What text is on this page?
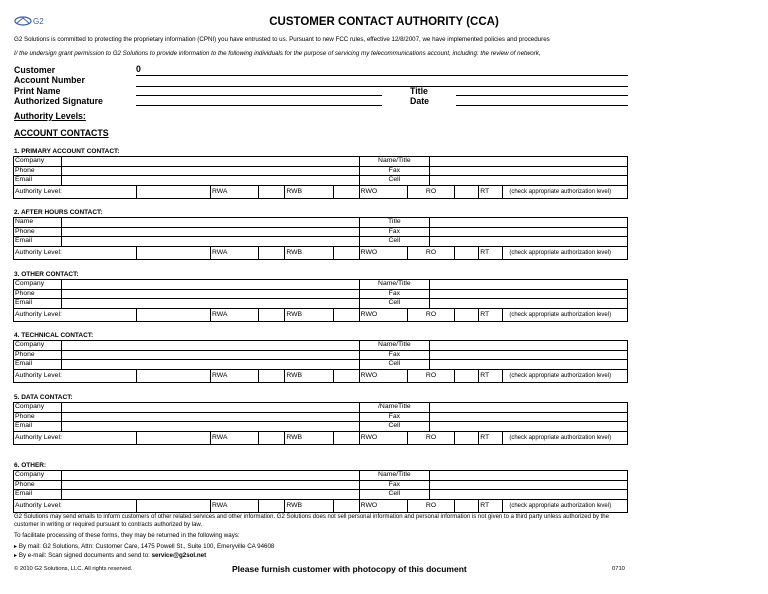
G2	CUSTOMER CONTACT AUTHORITY (CCA)
G2 Solutions is committed to protecting the proprietary information (CPNI) you have entrusted to us. Pursuant to new FCC rules, effective 12/8/2007, we have implemented policies and procedures
I/ the undersign grant permission to G2 Solutions to provide information to the following individuals for the purpose of servicing my telecommunications account, including: the review of network,
Customer	0
Account Number
Print Name	Title
Authorized Signature	Date
Authority Levels:
ACCOUNT CONTACTS
1. PRIMARY ACCOUNT CONTACT:
Company							Name/Title					
Phone							Fax					
Email							Cell					
Authority Level:			RWA		RWB		RWO	RO			RT	(check appropriate authorization level)
2. AFTER HOURS CONTACT:
Name							Title					
Phone							Fax					
Email							Cell					
Authority Level:			RWA		RWB		RWO	RO			RT	(check appropriate authorization level)
3. OTHER CONTACT:
Company							Name/Title					
Phone							Fax					
Email							Cell					
Authority Level:			RWA		RWB		RWO	RO			RT	(check appropriate authorization level)
4. TECHNICAL CONTACT:
Company							Name/Title					
Phone							Fax					
Email							Cell					
Authority Level:			RWA		RWB		RWO	RO			RT	(check appropriate authorization level)
5. DATA CONTACT:
Company							/NameTitle					
Phone							Fax					
Email							Cell					
Authority Level:			RWA		RWB		RWO	RO			RT	(check appropriate authorization level)
6. OTHER:
Company							Name/Title					
Phone							Fax					
Email							Cell					
Authority Level:			RWA		RWB		RWO	RO			RT	(check appropriate authorization level)
G2 Solutions may send emails to inform customers of other related services and other information. G2 Solutions does not sell personal information and personal information is not given to a third party unless authorized by the customer in writing or required pursuant to contracts authorized by law.
To facilitate processing of these forms, they may be returned in the following ways:
▸ By mail: G2 Solutions, Attn: Customer Care, 1475 Powell St., Suite 100, Emeryville CA 94608
▸ By e-mail: Scan signed documents and send to: service@g2sol.net
© 2010 G2 Solutions, LLC. All rights reserved.	Please furnish customer with photocopy of this document	0710
